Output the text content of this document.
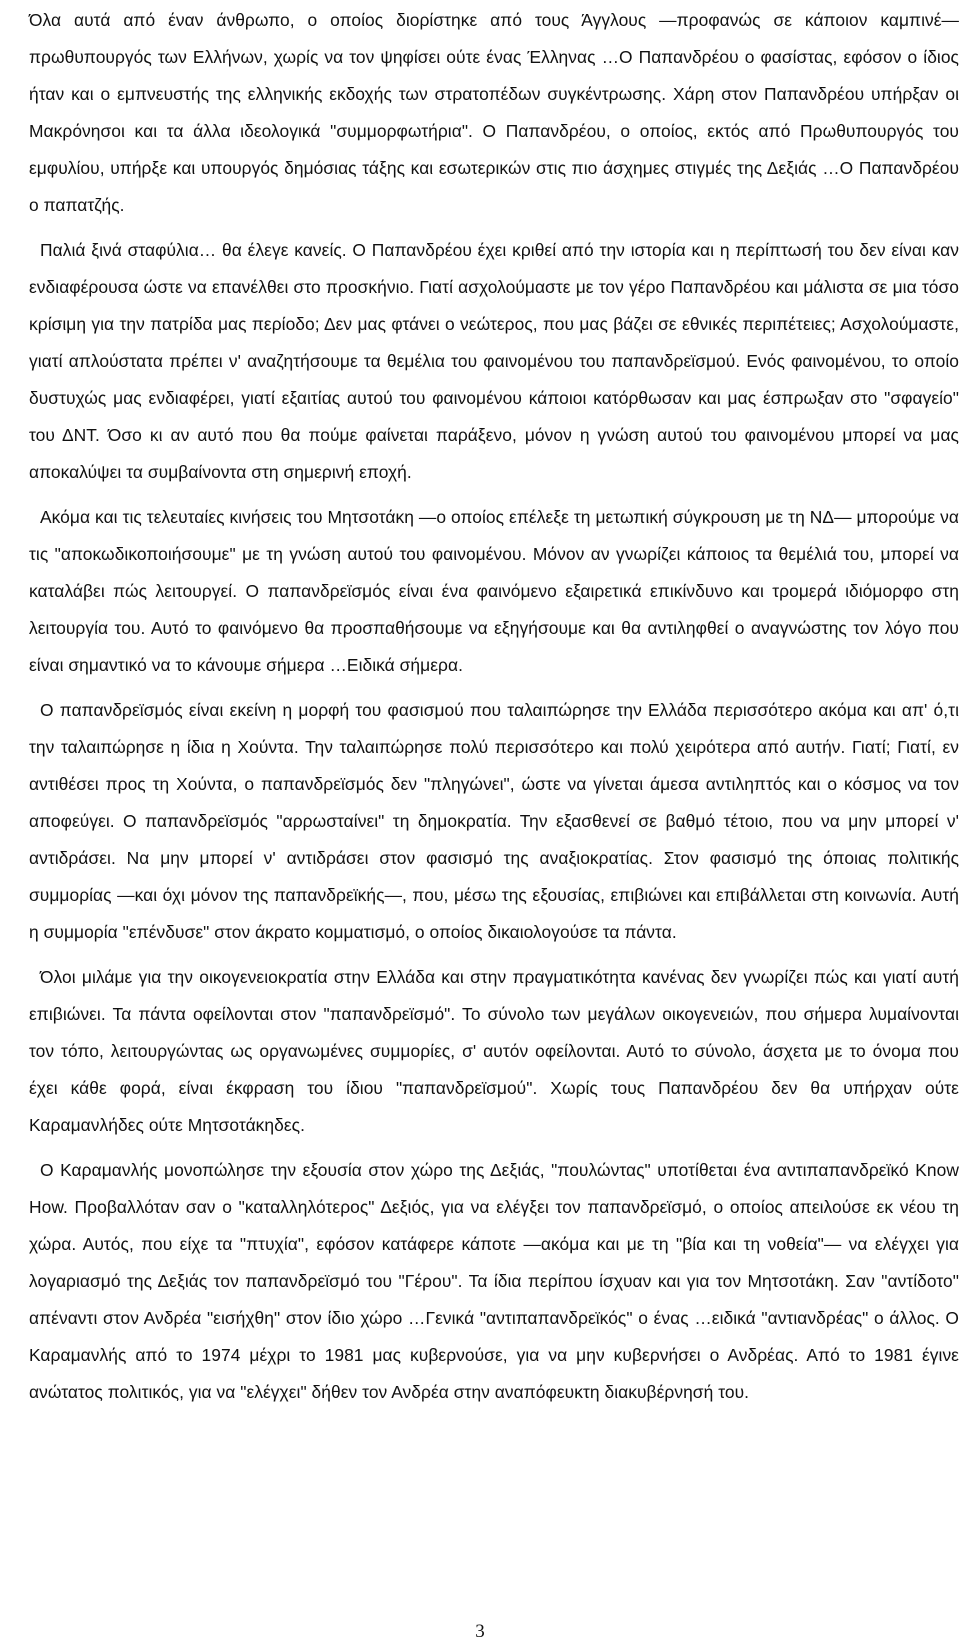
Όλα αυτά από έναν άνθρωπο, ο οποίος διορίστηκε από τους Άγγλους —προφανώς σε κάποιον καμπινέ— πρωθυπουργός των Ελλήνων, χωρίς να τον ψηφίσει ούτε ένας Έλληνας …Ο Παπανδρέου ο φασίστας, εφόσον ο ίδιος ήταν και ο εμπνευστής της ελληνικής εκδοχής των στρατοπέδων συγκέντρωσης. Χάρη στον Παπανδρέου υπήρξαν οι Μακρόνησοι και τα άλλα ιδεολογικά "συμμορφωτήρια". Ο Παπανδρέου, ο οποίος, εκτός από Πρωθυπουργός του εμφυλίου, υπήρξε και υπουργός δημόσιας τάξης και εσωτερικών στις πιο άσχημες στιγμές της Δεξιάς …Ο Παπανδρέου ο παπατζής.

Παλιά ξινά σταφύλια… θα έλεγε κανείς. Ο Παπανδρέου έχει κριθεί από την ιστορία και η περίπτωσή του δεν είναι καν ενδιαφέρουσα ώστε να επανέλθει στο προσκήνιο. Γιατί ασχολούμαστε με τον γέρο Παπανδρέου και μάλιστα σε μια τόσο κρίσιμη για την πατρίδα μας περίοδο; Δεν μας φτάνει ο νεώτερος, που μας βάζει σε εθνικές περιπέτειες; Ασχολούμαστε, γιατί απλούστατα πρέπει ν' αναζητήσουμε τα θεμέλια του φαινομένου του παπανδρεϊσμού. Ενός φαινομένου, το οποίο δυστυχώς μας ενδιαφέρει, γιατί εξαιτίας αυτού του φαινομένου κάποιοι κατόρθωσαν και μας έσπρωξαν στο "σφαγείο" του ΔΝΤ. Όσο κι αν αυτό που θα πούμε φαίνεται παράξενο, μόνον η γνώση αυτού του φαινομένου μπορεί να μας αποκαλύψει τα συμβαίνοντα στη σημερινή εποχή.

Ακόμα και τις τελευταίες κινήσεις του Μητσοτάκη —ο οποίος επέλεξε τη μετωπική σύγκρουση με τη ΝΔ— μπορούμε να τις "αποκωδικοποιήσουμε" με τη γνώση αυτού του φαινομένου. Μόνον αν γνωρίζει κάποιος τα θεμέλιά του, μπορεί να καταλάβει πώς λειτουργεί. Ο παπανδρεϊσμός είναι ένα φαινόμενο εξαιρετικά επικίνδυνο και τρομερά ιδιόμορφο στη λειτουργία του. Αυτό το φαινόμενο θα προσπαθήσουμε να εξηγήσουμε και θα αντιληφθεί ο αναγνώστης τον λόγο που είναι σημαντικό να το κάνουμε σήμερα …Ειδικά σήμερα.

Ο παπανδρεϊσμός είναι εκείνη η μορφή του φασισμού που ταλαιπώρησε την Ελλάδα περισσότερο ακόμα και απ' ό,τι την ταλαιπώρησε η ίδια η Χούντα. Την ταλαιπώρησε πολύ περισσότερο και πολύ χειρότερα από αυτήν. Γιατί; Γιατί, εν αντιθέσει προς τη Χούντα, ο παπανδρεϊσμός δεν "πληγώνει", ώστε να γίνεται άμεσα αντιληπτός και ο κόσμος να τον αποφεύγει. Ο παπανδρεϊσμός "αρρωσταίνει" τη δημοκρατία. Την εξασθενεί σε βαθμό τέτοιο, που να μην μπορεί ν' αντιδράσει. Να μην μπορεί ν' αντιδράσει στον φασισμό της αναξιοκρατίας. Στον φασισμό της όποιας πολιτικής συμμορίας —και όχι μόνον της παπανδρεϊκής—, που, μέσω της εξουσίας, επιβιώνει και επιβάλλεται στη κοινωνία. Αυτή η συμμορία "επένδυσε" στον άκρατο κομματισμό, ο οποίος δικαιολογούσε τα πάντα.

Όλοι μιλάμε για την οικογενειοκρατία στην Ελλάδα και στην πραγματικότητα κανένας δεν γνωρίζει πώς και γιατί αυτή επιβιώνει. Τα πάντα οφείλονται στον "παπανδρεϊσμό". Το σύνολο των μεγάλων οικογενειών, που σήμερα λυμαίνονται τον τόπο, λειτουργώντας ως οργανωμένες συμμορίες, σ' αυτόν οφείλονται. Αυτό το σύνολο, άσχετα με το όνομα που έχει κάθε φορά, είναι έκφραση του ίδιου "παπανδρεϊσμού". Χωρίς τους Παπανδρέου δεν θα υπήρχαν ούτε Καραμανλήδες ούτε Μητσοτάκηδες.

Ο Καραμανλής μονοπώλησε την εξουσία στον χώρο της Δεξιάς, "πουλώντας" υποτίθεται ένα αντιπαπανδρεϊκό Know How. Προβαλλόταν σαν ο "καταλληλότερος" Δεξιός, για να ελέγξει τον παπανδρεϊσμό, ο οποίος απειλούσε εκ νέου τη χώρα. Αυτός, που είχε τα "πτυχία", εφόσον κατάφερε κάποτε —ακόμα και με τη "βία και τη νοθεία"— να ελέγχει για λογαριασμό της Δεξιάς τον παπανδρεϊσμό του "Γέρου". Τα ίδια περίπου ίσχυαν και για τον Μητσοτάκη. Σαν "αντίδοτο" απέναντι στον Ανδρέα "εισήχθη" στον ίδιο χώρο …Γενικά "αντιπαπανδρεϊκός" ο ένας …ειδικά "αντιανδρέας" ο άλλος. Ο Καραμανλής από το 1974 μέχρι το 1981 μας κυβερνούσε, για να μην κυβερνήσει ο Ανδρέας. Από το 1981 έγινε ανώτατος πολιτικός, για να "ελέγχει" δήθεν τον Ανδρέα στην αναπόφευκτη διακυβέρνησή του.

3
